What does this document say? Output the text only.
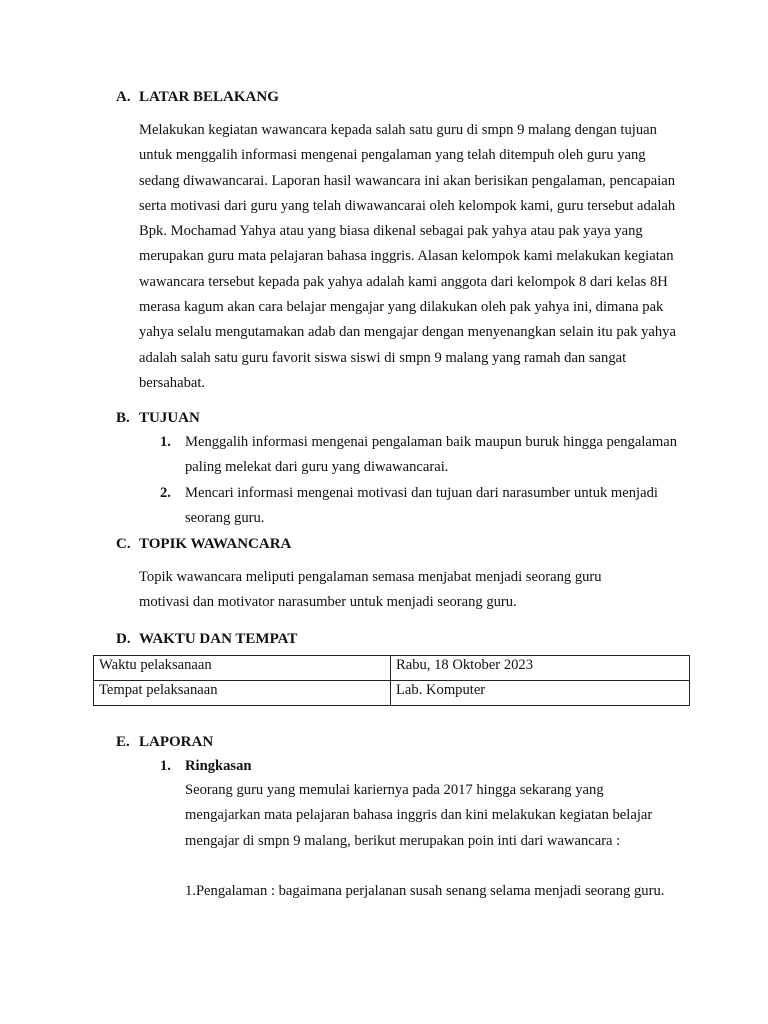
A. LATAR BELAKANG
Melakukan kegiatan wawancara kepada salah satu guru di smpn 9 malang dengan tujuan untuk menggalih informasi mengenai pengalaman yang telah ditempuh oleh guru yang sedang diwawancarai. Laporan hasil wawancara ini akan berisikan pengalaman, pencapaian serta motivasi dari guru yang telah diwawancarai oleh kelompok kami, guru tersebut adalah Bpk. Mochamad Yahya atau yang biasa dikenal sebagai pak yahya atau pak yaya yang merupakan guru mata pelajaran bahasa inggris. Alasan kelompok kami melakukan kegiatan wawancara tersebut kepada pak yahya adalah kami anggota dari kelompok 8 dari kelas 8H merasa kagum akan cara belajar mengajar yang dilakukan oleh pak yahya ini, dimana pak yahya selalu mengutamakan adab dan mengajar dengan menyenangkan selain itu pak yahya adalah salah satu guru favorit siswa siswi di smpn 9 malang yang ramah dan sangat bersahabat.
B. TUJUAN
1. Menggalih informasi mengenai pengalaman baik maupun buruk hingga pengalaman paling melekat dari guru yang diwawancarai.
2. Mencari informasi mengenai motivasi dan tujuan dari narasumber untuk menjadi seorang guru.
C. TOPIK WAWANCARA
Topik wawancara meliputi pengalaman semasa menjabat menjadi seorang guru motivasi dan motivator narasumber untuk menjadi seorang guru.
D. WAKTU DAN TEMPAT
Waktu pelaksanaan	Rabu, 18 Oktober 2023
Tempat pelaksanaan	Lab. Komputer
E. LAPORAN
1. Ringkasan
Seorang guru yang memulai kariernya pada 2017 hingga sekarang yang mengajarkan mata pelajaran bahasa inggris dan kini melakukan kegiatan belajar mengajar di smpn 9 malang, berikut merupakan poin inti dari wawancara :
1.Pengalaman : bagaimana perjalanan susah senang selama menjadi seorang guru.
